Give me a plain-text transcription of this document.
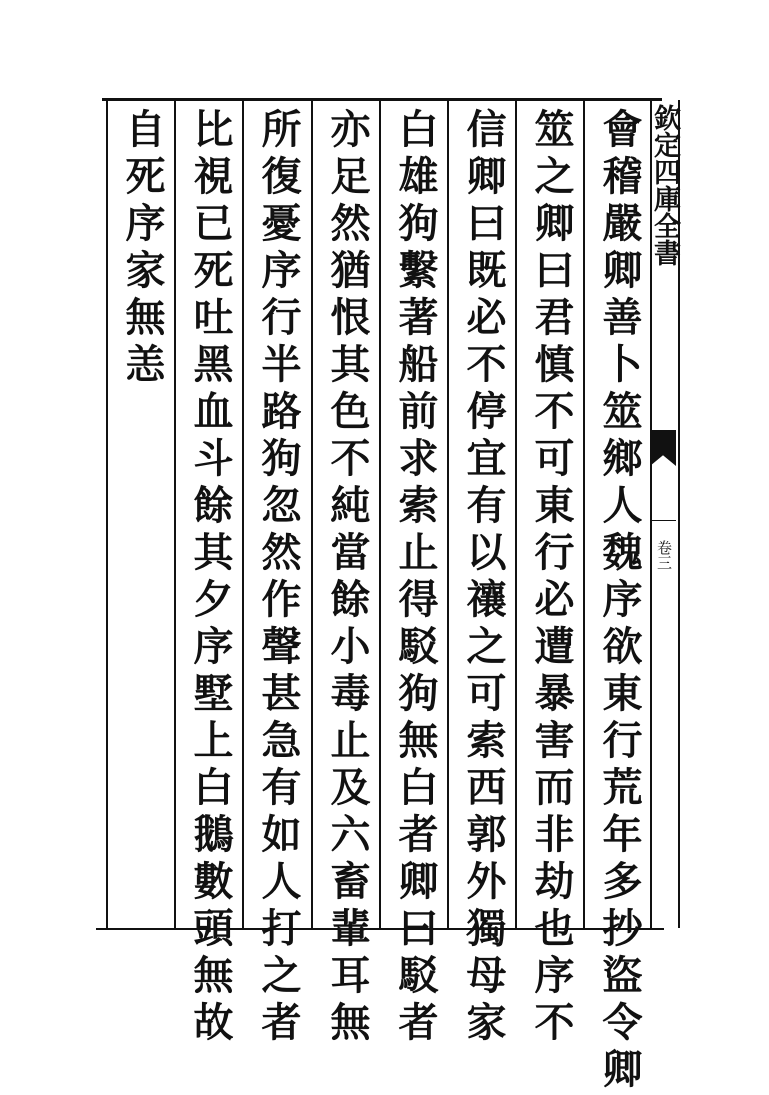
欽定四庫全書
卷三
會稽嚴卿善卜筮鄉人魏序欲東行荒年多抄盜令卿
筮之卿曰君慎不可東行必遭暴害而非劫也序不
信卿曰既必不停宜有以禳之可索西郭外獨母家
白雄狗繫著船前求索止得駁狗無白者卿曰駁者
亦足然猶恨其色不純當餘小毒止及六畜輩耳無
所復憂序行半路狗忽然作聲甚急有如人打之者
比視已死吐黑血斗餘其夕序墅上白鵝數頭無故
自死序家無恙
